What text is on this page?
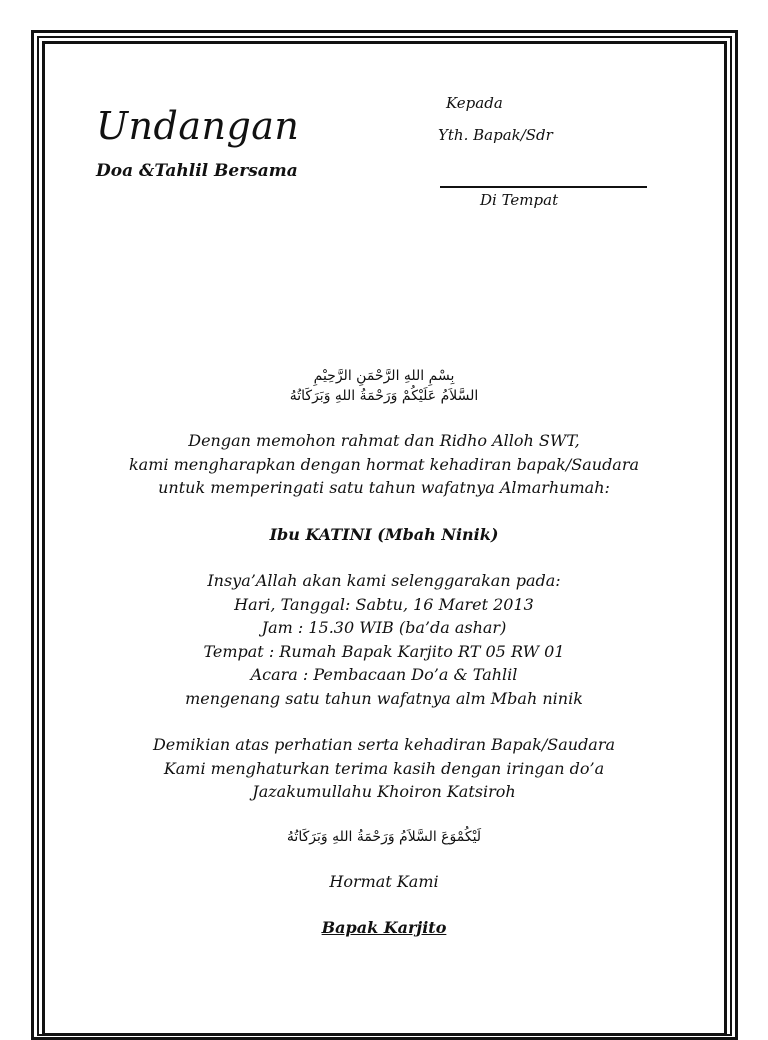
Undangan
Doa &Tahlil Bersama
Kepada
Yth. Bapak/Sdr
Di Tempat
بِسْمِ اللهِ الرَّحْمَنِ الرَّحِيْمِ
السَّلاَمُ عَلَيْكُمْ وَرَحْمَةُ اللهِ وَبَرَكَاتُهُ
Dengan memohon rahmat dan Ridho Alloh SWT,
kami mengharapkan dengan hormat kehadiran bapak/Saudara
untuk memperingati satu tahun wafatnya Almarhumah:
Ibu KATINI (Mbah Ninik)
Insya’Allah akan kami selenggarakan pada:
Hari, Tanggal: Sabtu, 16 Maret 2013
Jam : 15.30 WIB (ba’da ashar)
Tempat : Rumah Bapak Karjito RT 05 RW 01
Acara : Pembacaan Do’a & Tahlil
mengenang satu tahun wafatnya alm Mbah ninik
Demikian atas perhatian serta kehadiran Bapak/Saudara
Kami menghaturkan terima kasih dengan iringan do’a
Jazakumullahu Khoiron Katsiroh
لَيْكُمْوَعَ السَّلاَمُ وَرَحْمَةُ اللهِ وَبَرَكَاتُهُ
Hormat Kami
Bapak Karjito
